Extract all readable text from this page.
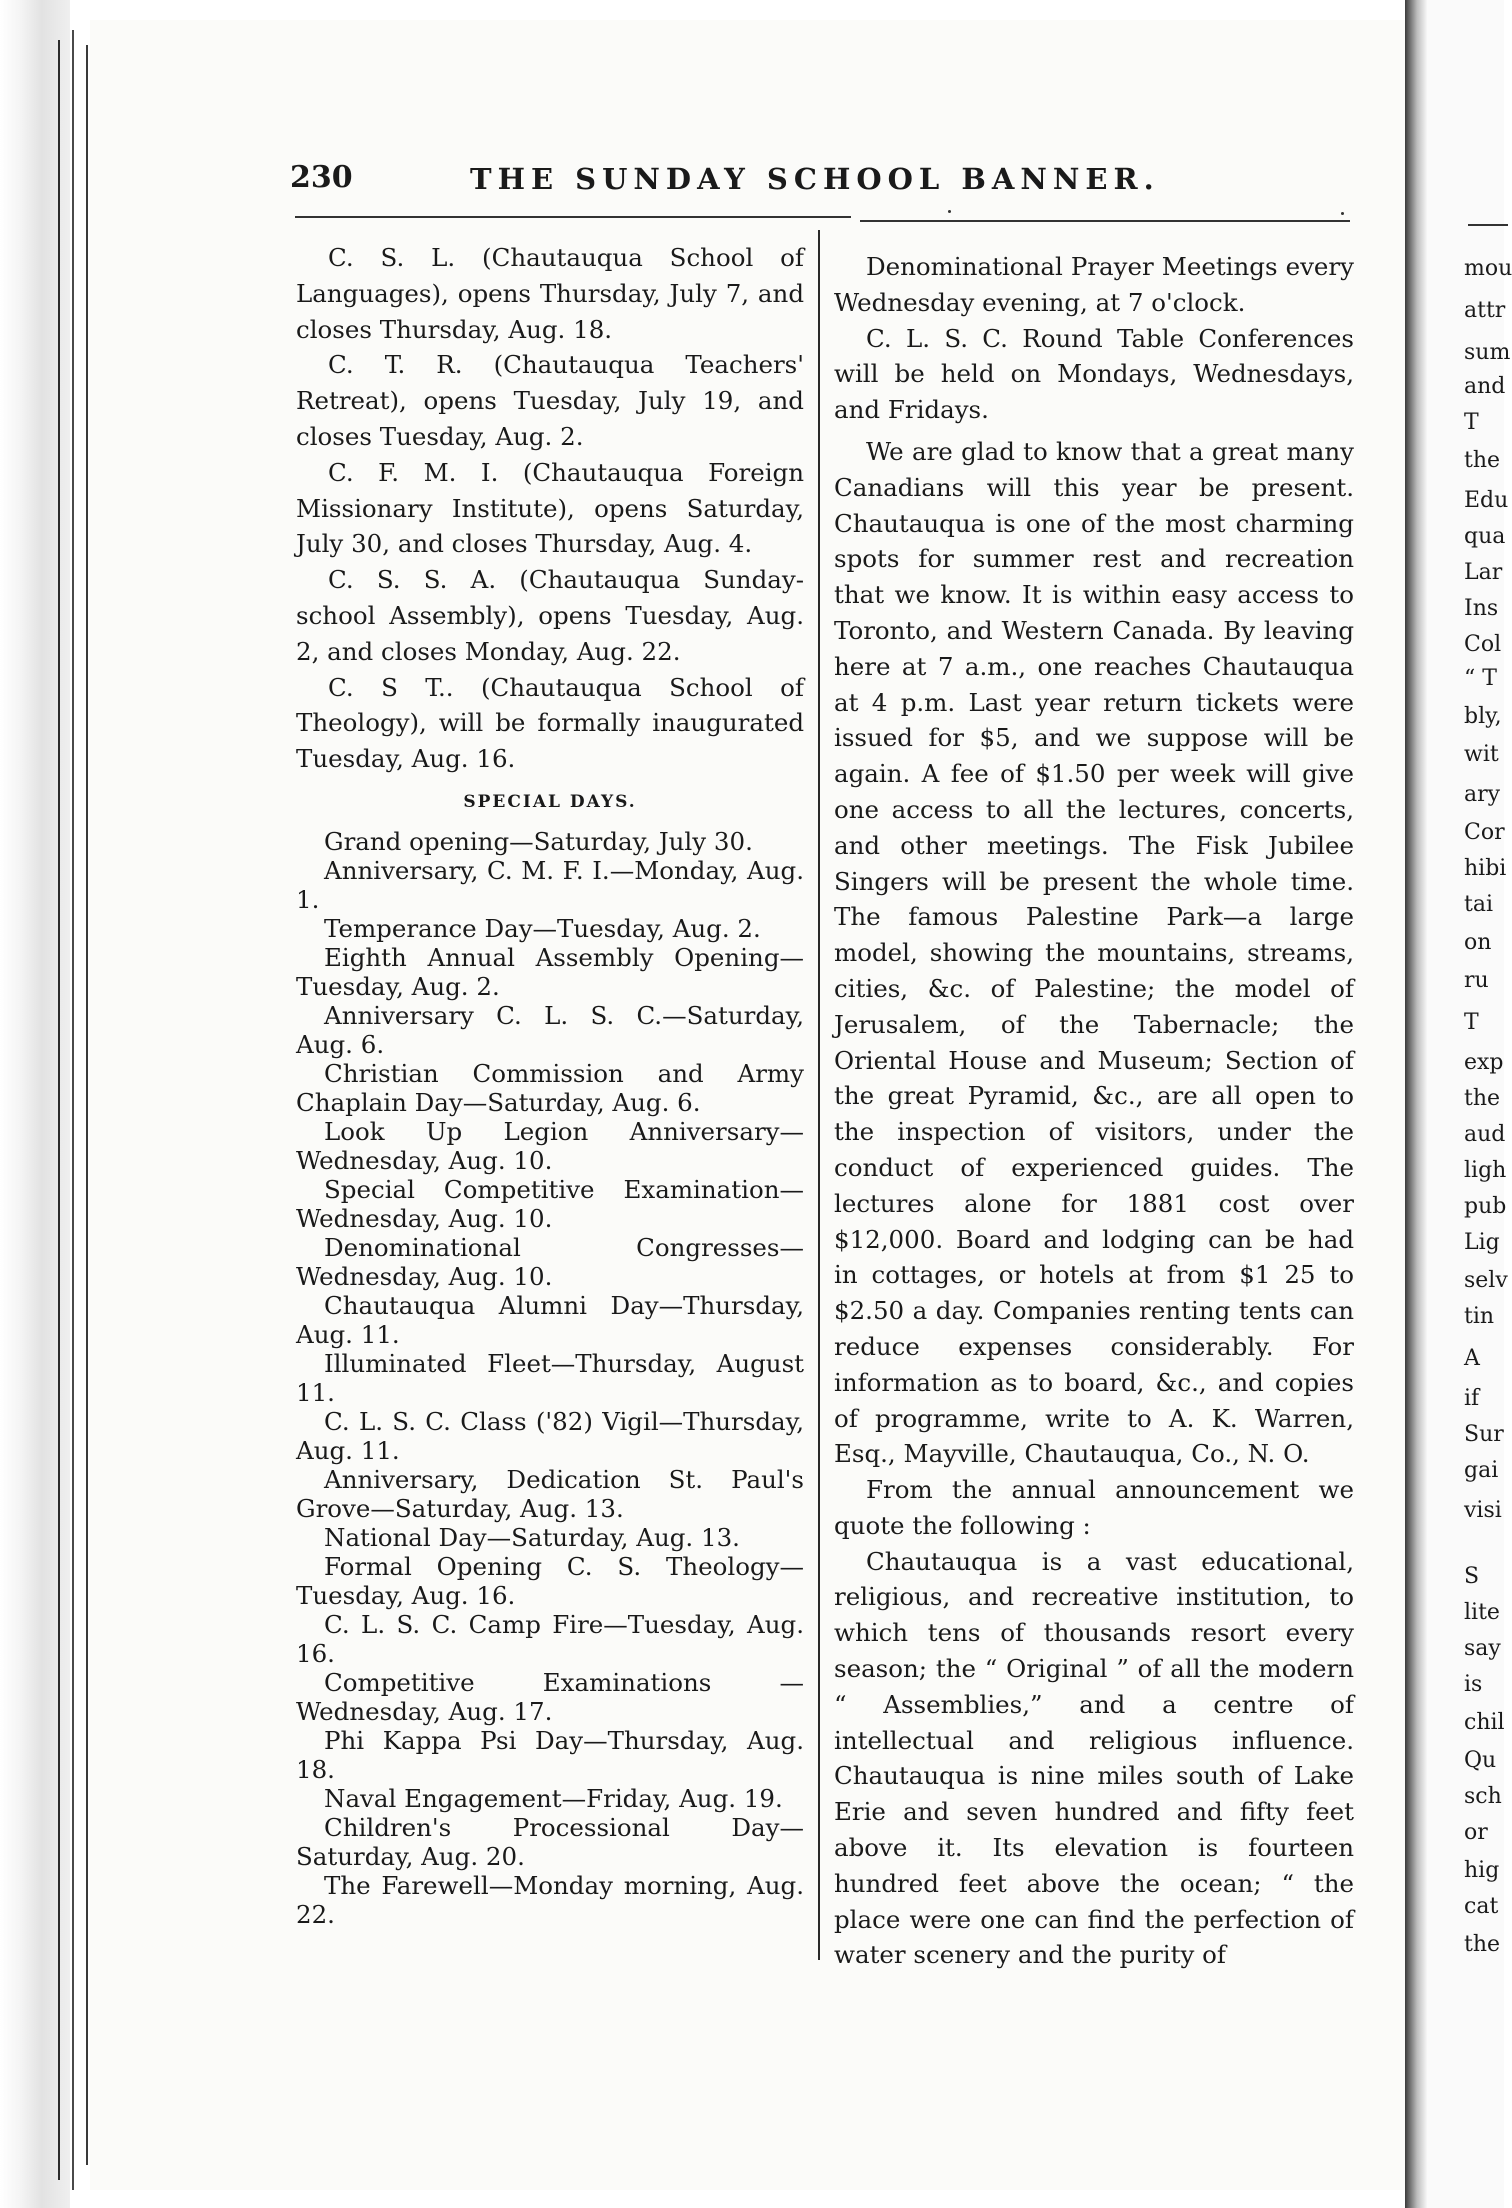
230	THE SUNDAY SCHOOL BANNER.

C. S. L. (Chautauqua School of Languages), opens Thursday, July 7, and closes Thursday, Aug. 18.

C. T. R. (Chautauqua Teachers' Retreat), opens Tuesday, July 19, and closes Tuesday, Aug. 2.

C. F. M. I. (Chautauqua Foreign Missionary Institute), opens Saturday, July 30, and closes Thursday, Aug. 4.

C. S. S. A. (Chautauqua Sunday-school Assembly), opens Tuesday, Aug. 2, and closes Monday, Aug. 22.

C. S T.. (Chautauqua School of Theology), will be formally inaugurated Tuesday, Aug. 16.

SPECIAL DAYS.

Grand opening—Saturday, July 30.

Anniversary, C. M. F. I.—Monday, Aug. 1.

Temperance Day—Tuesday, Aug. 2.

Eighth Annual Assembly Opening—Tuesday, Aug. 2.

Anniversary C. L. S. C.—Saturday, Aug. 6.

Christian Commission and Army Chaplain Day—Saturday, Aug. 6.

Look Up Legion Anniversary—Wednesday, Aug. 10.

Special Competitive Examination—Wednesday, Aug. 10.

Denominational Congresses—Wednesday, Aug. 10.

Chautauqua Alumni Day—Thursday, Aug. 11.

Illuminated Fleet—Thursday, August 11.

C. L. S. C. Class ('82) Vigil—Thursday, Aug. 11.

Anniversary, Dedication St. Paul's Grove—Saturday, Aug. 13.

National Day—Saturday, Aug. 13.

Formal Opening C. S. Theology—Tuesday, Aug. 16.

C. L. S. C. Camp Fire—Tuesday, Aug. 16.

Competitive Examinations — Wednesday, Aug. 17.

Phi Kappa Psi Day—Thursday, Aug. 18.

Naval Engagement—Friday, Aug. 19.

Children's Processional Day—Saturday, Aug. 20.

The Farewell—Monday morning, Aug. 22.

Denominational Prayer Meetings every Wednesday evening, at 7 o'clock.

C. L. S. C. Round Table Conferences will be held on Mondays, Wednesdays, and Fridays.

We are glad to know that a great many Canadians will this year be present. Chautauqua is one of the most charming spots for summer rest and recreation that we know. It is within easy access to Toronto, and Western Canada. By leaving here at 7 a.m., one reaches Chautauqua at 4 p.m. Last year return tickets were issued for $5, and we suppose will be again. A fee of $1.50 per week will give one access to all the lectures, concerts, and other meetings. The Fisk Jubilee Singers will be present the whole time. The famous Palestine Park—a large model, showing the mountains, streams, cities, &c. of Palestine; the model of Jerusalem, of the Tabernacle; the Oriental House and Museum; Section of the great Pyramid, &c., are all open to the inspection of visitors, under the conduct of experienced guides. The lectures alone for 1881 cost over $12,000. Board and lodging can be had in cottages, or hotels at from $1 25 to $2.50 a day. Companies renting tents can reduce expenses considerably. For information as to board, &c., and copies of programme, write to A. K. Warren, Esq., Mayville, Chautauqua, Co., N. O.

From the annual announcement we quote the following :

Chautauqua is a vast educational, religious, and recreative institution, to which tens of thousands resort every season; the “ Original ” of all the modern “ Assemblies,” and a centre of intellectual and religious influence. Chautauqua is nine miles south of Lake Erie and seven hundred and fifty feet above it. Its elevation is fourteen hundred feet above the ocean; “ the place were one can find the perfection of water scenery and the purity of

mou
attr
sum
and
T
the
Edu
qua
Lar
Ins
Col
“ T
bly,
wit
ary
Cor
hibi
tai
on
ru
T
exp
the
aud
ligh
pub
Lig
selv
tin
A
if
Sur
gai
visi
S
lite
say
is
chil
Qu
sch
or
hig
cat
the
